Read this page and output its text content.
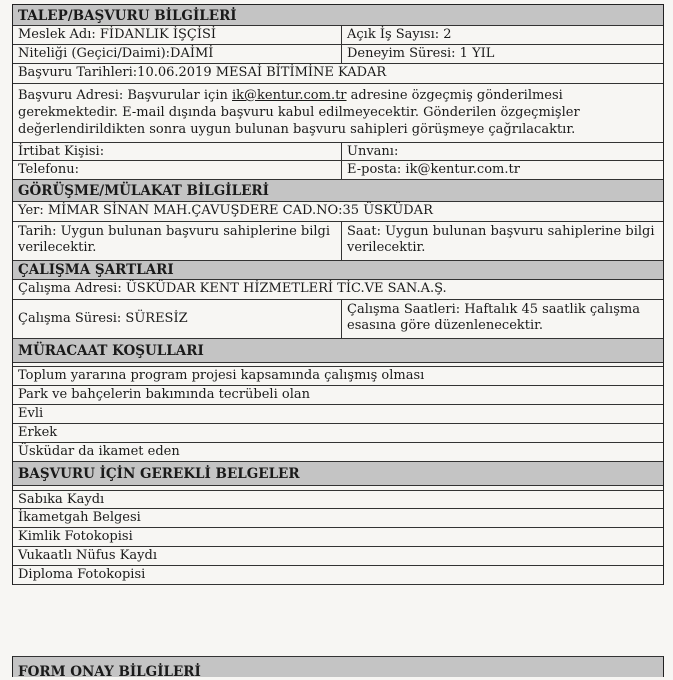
TALEP/BAŞVURU BİLGİLERİ
Meslek Adı: FİDANLIK İŞÇİSİ	Açık İş Sayısı: 2
Niteliği (Geçici/Daimi):DAİMİ	Deneyim Süresi: 1 YIL
Başvuru Tarihleri:10.06.2019 MESAİ BİTİMİNE KADAR
Başvuru Adresi: Başvurular için ik@kentur.com.tr adresine özgeçmiş gönderilmesi gerekmektedir. E-mail dışında başvuru kabul edilmeyecektir. Gönderilen özgeçmişler değerlendirildikten sonra uygun bulunan başvuru sahipleri görüşmeye çağrılacaktır.
İrtibat Kişisi:	Unvanı:
Telefonu:	E-posta: ik@kentur.com.tr
GÖRÜŞME/MÜLAKAT BİLGİLERİ
Yer: MİMAR SİNAN MAH.ÇAVUŞDERE CAD.NO:35 ÜSKÜDAR
Tarih: Uygun bulunan başvuru sahiplerine bilgi verilecektir.
Saat: Uygun bulunan başvuru sahiplerine bilgi verilecektir.
ÇALIŞMA ŞARTLARI
Çalışma Adresi: ÜSKÜDAR KENT HİZMETLERİ TİC.VE SAN.A.Ş.
Çalışma Süresi: SÜRESİZ
Çalışma Saatleri: Haftalık 45 saatlik çalışma esasına göre düzenlenecektir.
MÜRACAAT KOŞULLARI
Toplum yararına program projesi kapsamında çalışmış olması
Park ve bahçelerin bakımında tecrübeli olan
Evli
Erkek
Üsküdar da ikamet eden
BAŞVURU İÇİN GEREKLİ BELGELER
Sabıka Kaydı
İkametgah Belgesi
Kimlik Fotokopisi
Vukaatlı Nüfus Kaydı
Diploma Fotokopisi
$_{FORM ONAY BİLGİLERİ}$
